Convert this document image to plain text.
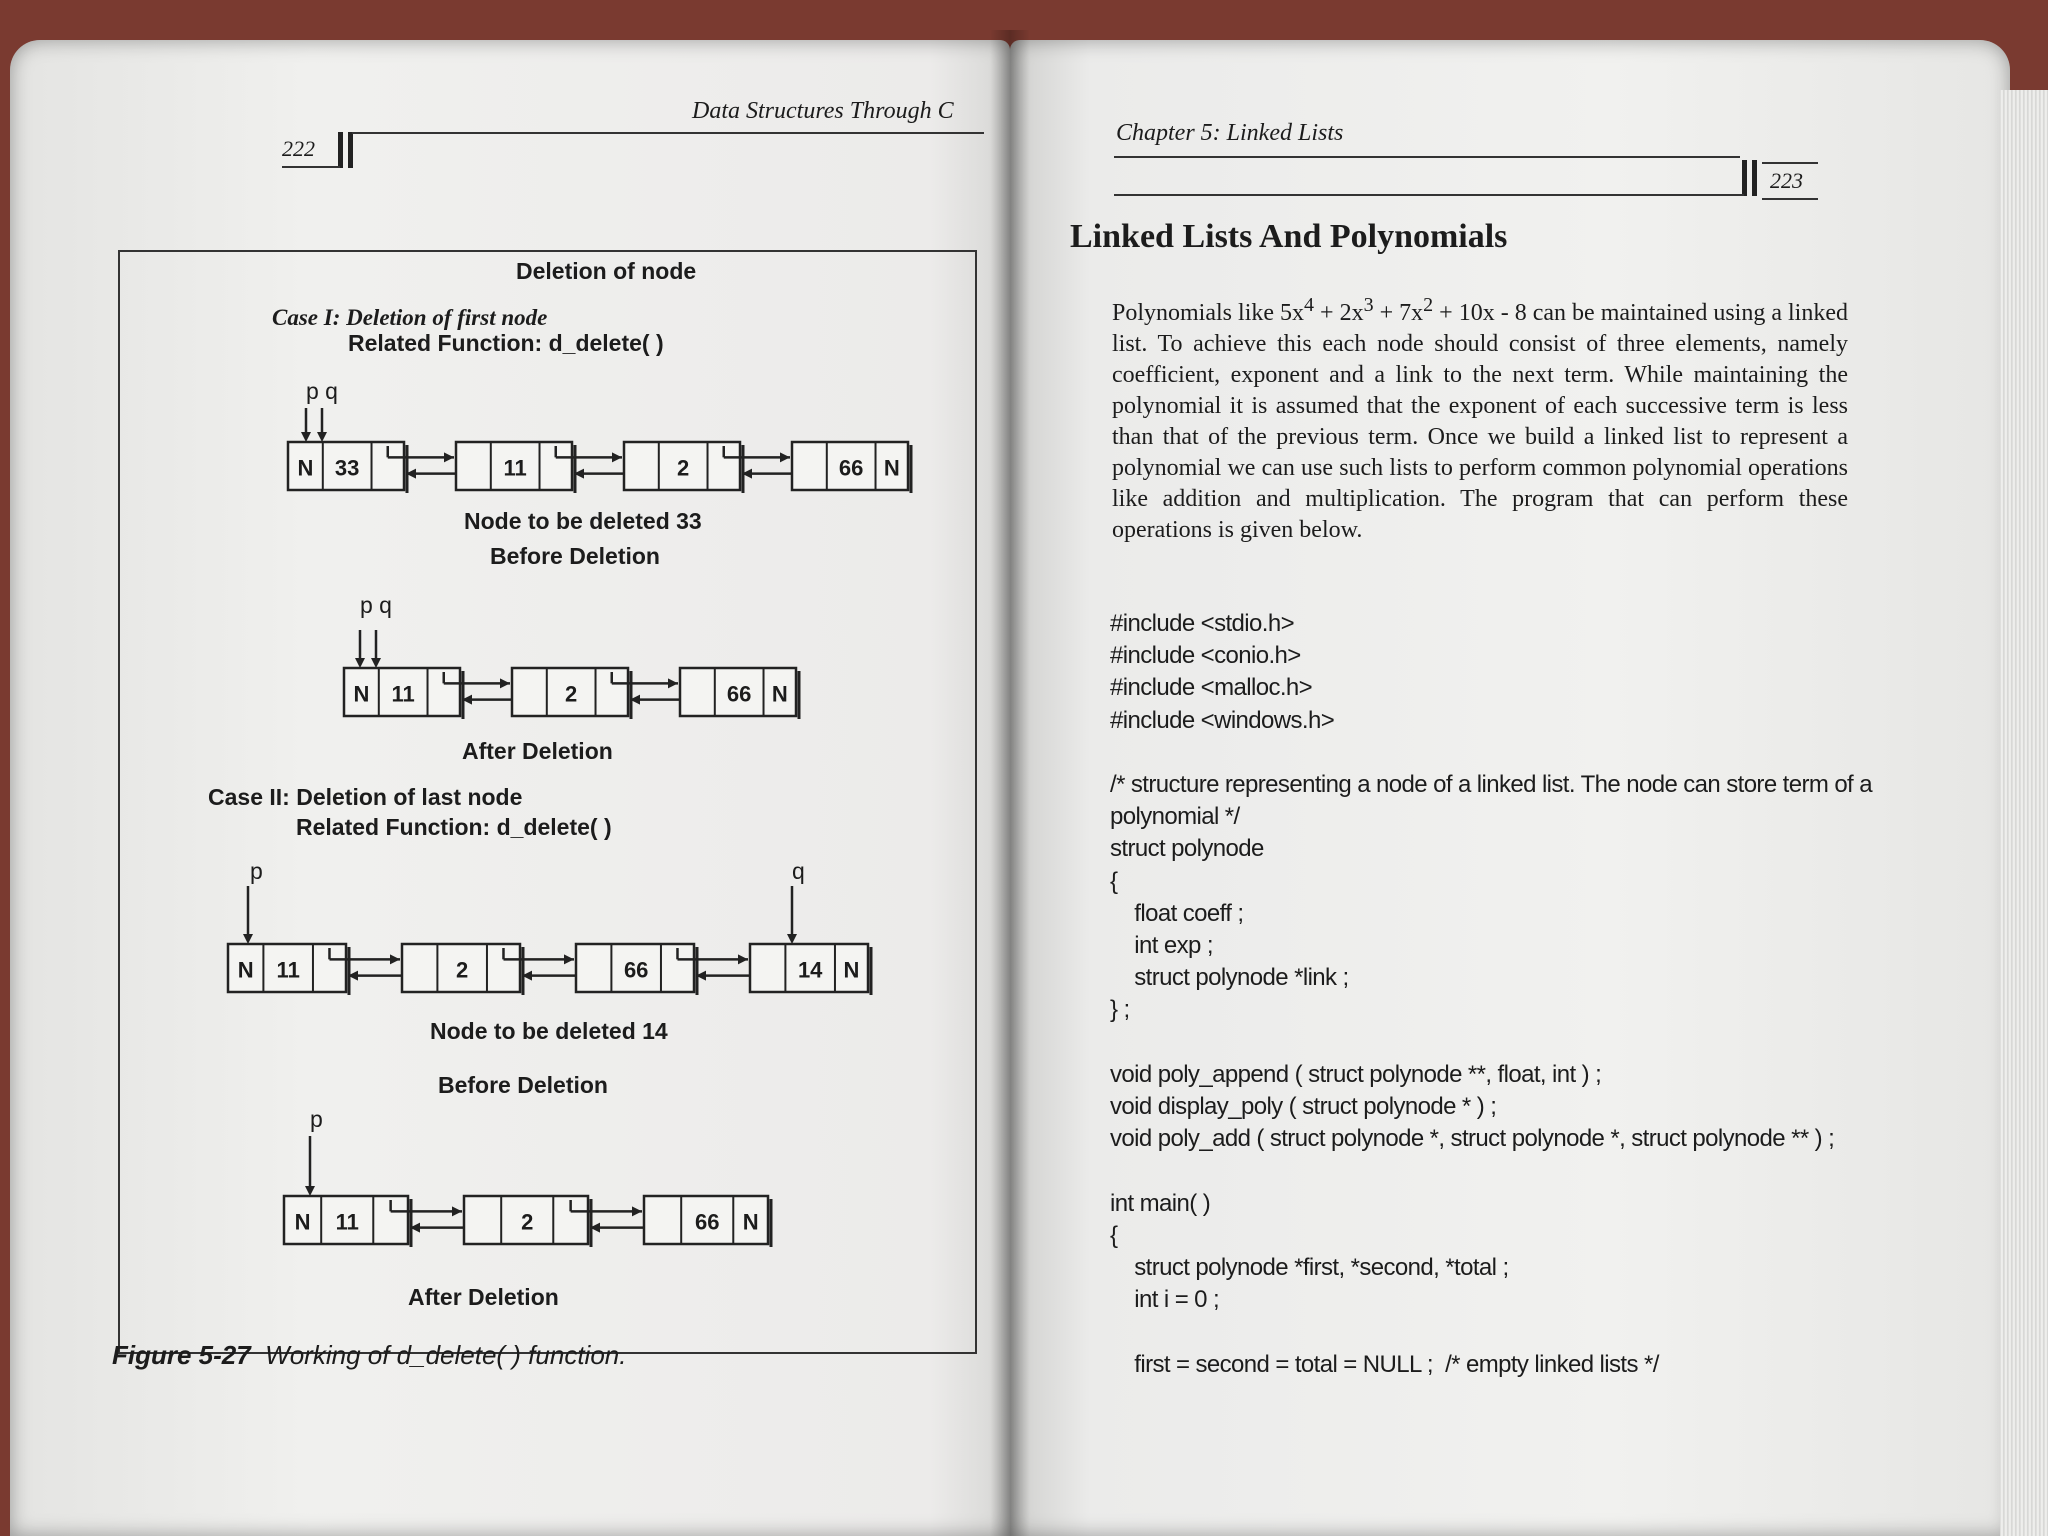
222
Data Structures Through C
Deletion of node
Case I: Deletion of first node
Related Function: d_delete( )
p q
Node to be deleted 33
Before Deletion
p q
After Deletion
Case II: Deletion of last node
Related Function: d_delete( )
p	q
Node to be deleted 14
Before Deletion
p
After Deletion
N 33	11	2	66 N
N 11	2	66 N
N 11	2	66	14 N
N 11	2	66 N
Figure 5-27 Working of d_delete( ) function.
Chapter 5: Linked Lists
223
Linked Lists And Polynomials
Polynomials like $5x^4 + 2x^3 + 7x^2 + 10x - 8$ can be maintained using a linked list. To achieve this each node should consist of three elements, namely coefficient, exponent and a link to the next term. While maintaining the polynomial it is assumed that the exponent of each successive term is less than that of the previous term. Once we build a linked list to represent a polynomial we can use such lists to perform common polynomial operations like addition and multiplication. The program that can perform these operations is given below.
#include <stdio.h>
#include <conio.h>
#include <malloc.h>
#include <windows.h>
/* structure representing a node of a linked list. The node can store term of a
polynomial */
struct polynode
{
float coeff ;
int exp ;
struct polynode *link ;
} ;
void poly_append ( struct polynode **, float, int ) ;
void display_poly ( struct polynode * ) ;
void poly_add ( struct polynode *, struct polynode *, struct polynode ** ) ;
int main( )
{
struct polynode *first, *second, *total ;
int i = 0 ;
first = second = total = NULL ;  /* empty linked lists */
